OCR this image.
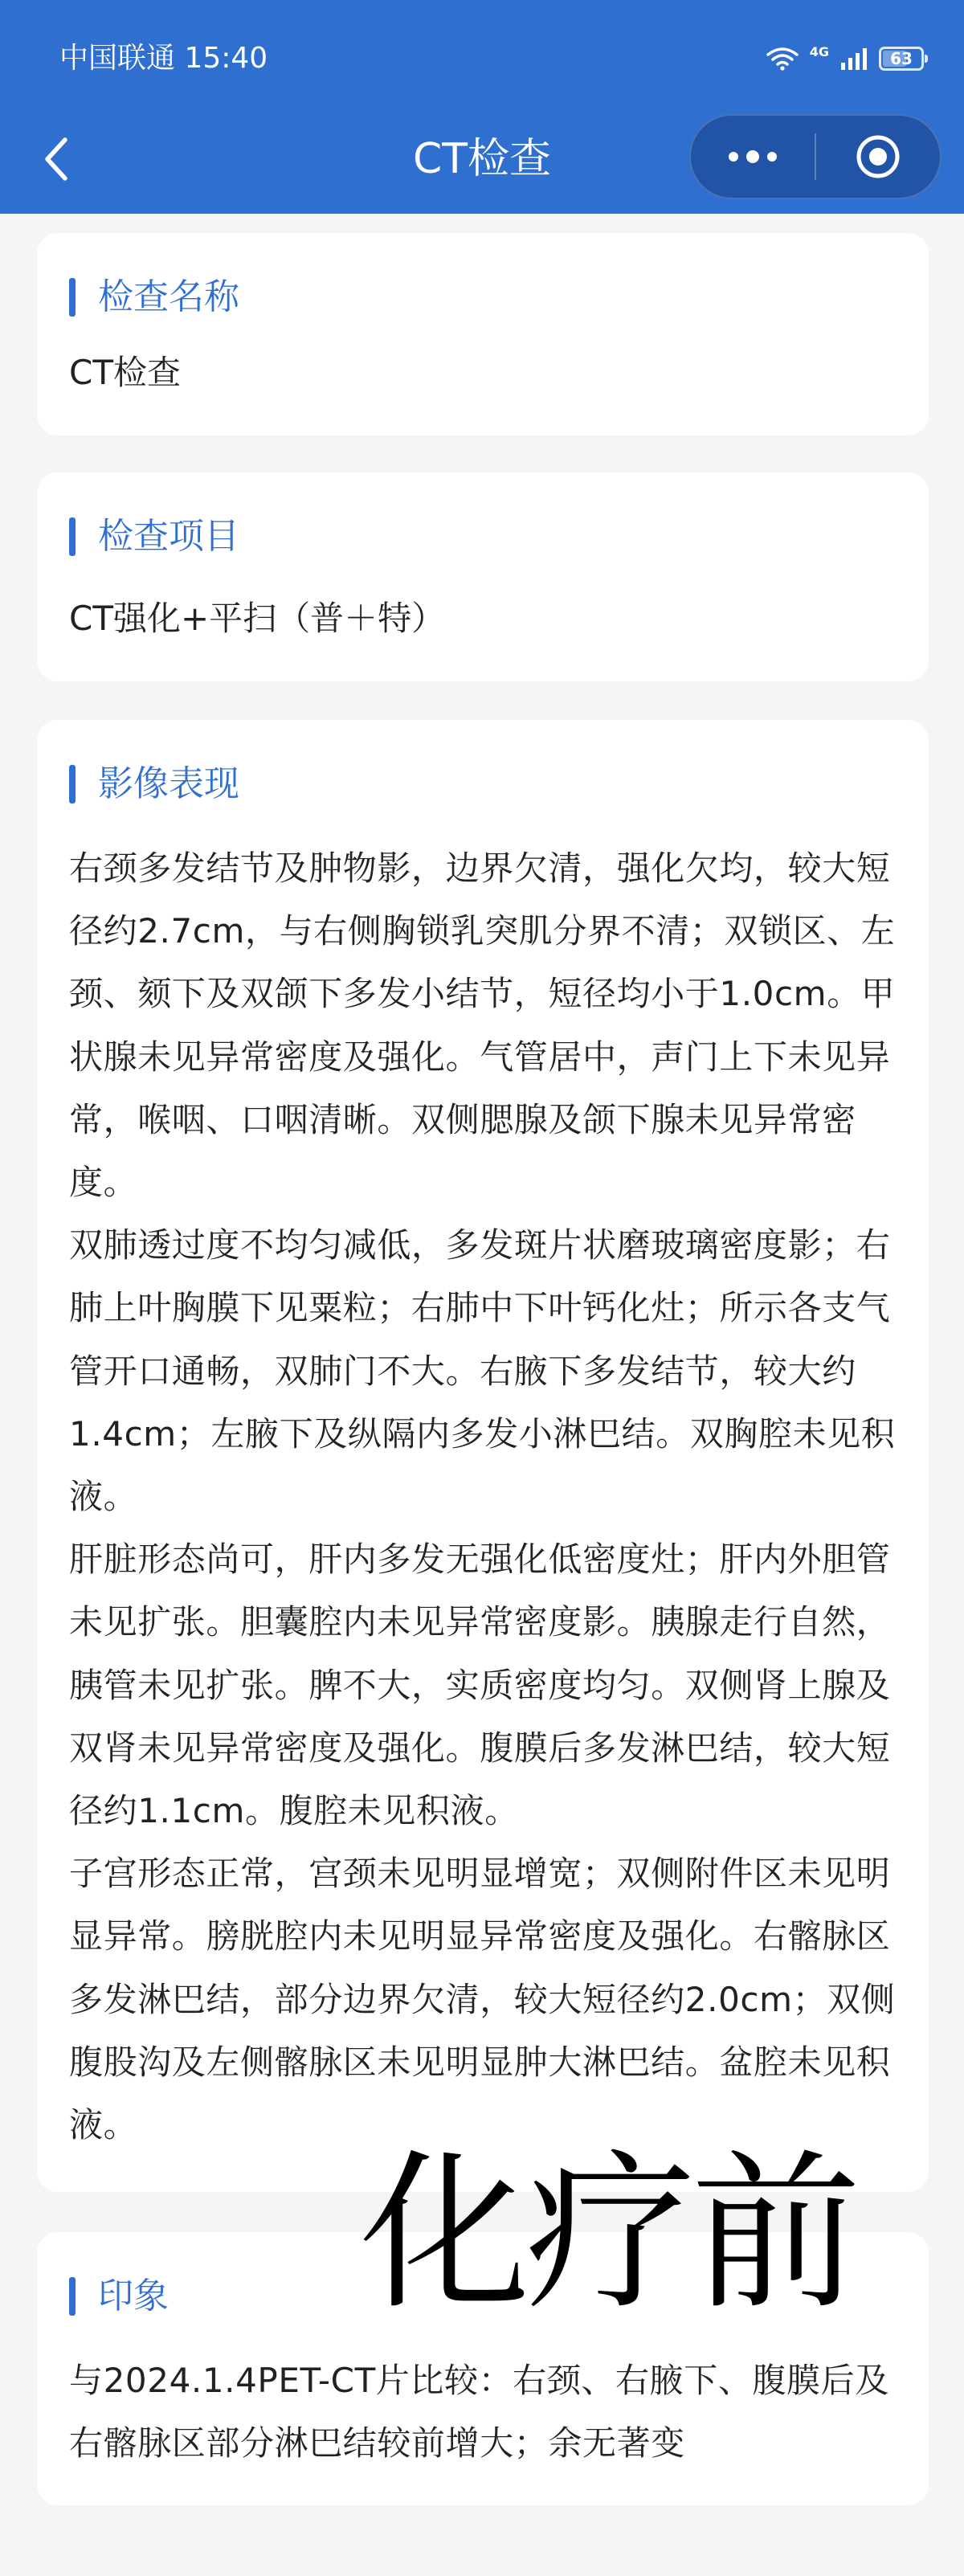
中国联通 15:40	4G	63
CT检查
检查名称
CT检查
检查项目
CT强化+平扫（普＋特）
影像表现

右颈多发结节及肿物影，边界欠清，强化欠均，较大短径约2.7cm，与右侧胸锁乳突肌分界不清；双锁区、左颈、颏下及双颌下多发小结节，短径均小于1.0cm。甲状腺未见异常密度及强化。气管居中，声门上下未见异常，喉咽、口咽清晰。双侧腮腺及颌下腺未见异常密度。

双肺透过度不均匀减低，多发斑片状磨玻璃密度影；右肺上叶胸膜下见粟粒；右肺中下叶钙化灶；所示各支气管开口通畅，双肺门不大。右腋下多发结节，较大约1.4cm；左腋下及纵隔内多发小淋巴结。双胸腔未见积液。

肝脏形态尚可，肝内多发无强化低密度灶；肝内外胆管未见扩张。胆囊腔内未见异常密度影。胰腺走行自然，胰管未见扩张。脾不大，实质密度均匀。双侧肾上腺及双肾未见异常密度及强化。腹膜后多发淋巴结，较大短径约1.1cm。腹腔未见积液。

子宫形态正常，宫颈未见明显增宽；双侧附件区未见明显异常。膀胱腔内未见明显异常密度及强化。右髂脉区多发淋巴结，部分边界欠清，较大短径约2.0cm；双侧腹股沟及左侧髂脉区未见明显肿大淋巴结。盆腔未见积液。

印象
与2024.1.4PET-CT片比较：右颈、右腋下、腹膜后及右髂脉区部分淋巴结较前增大；余无著变
化疗前
